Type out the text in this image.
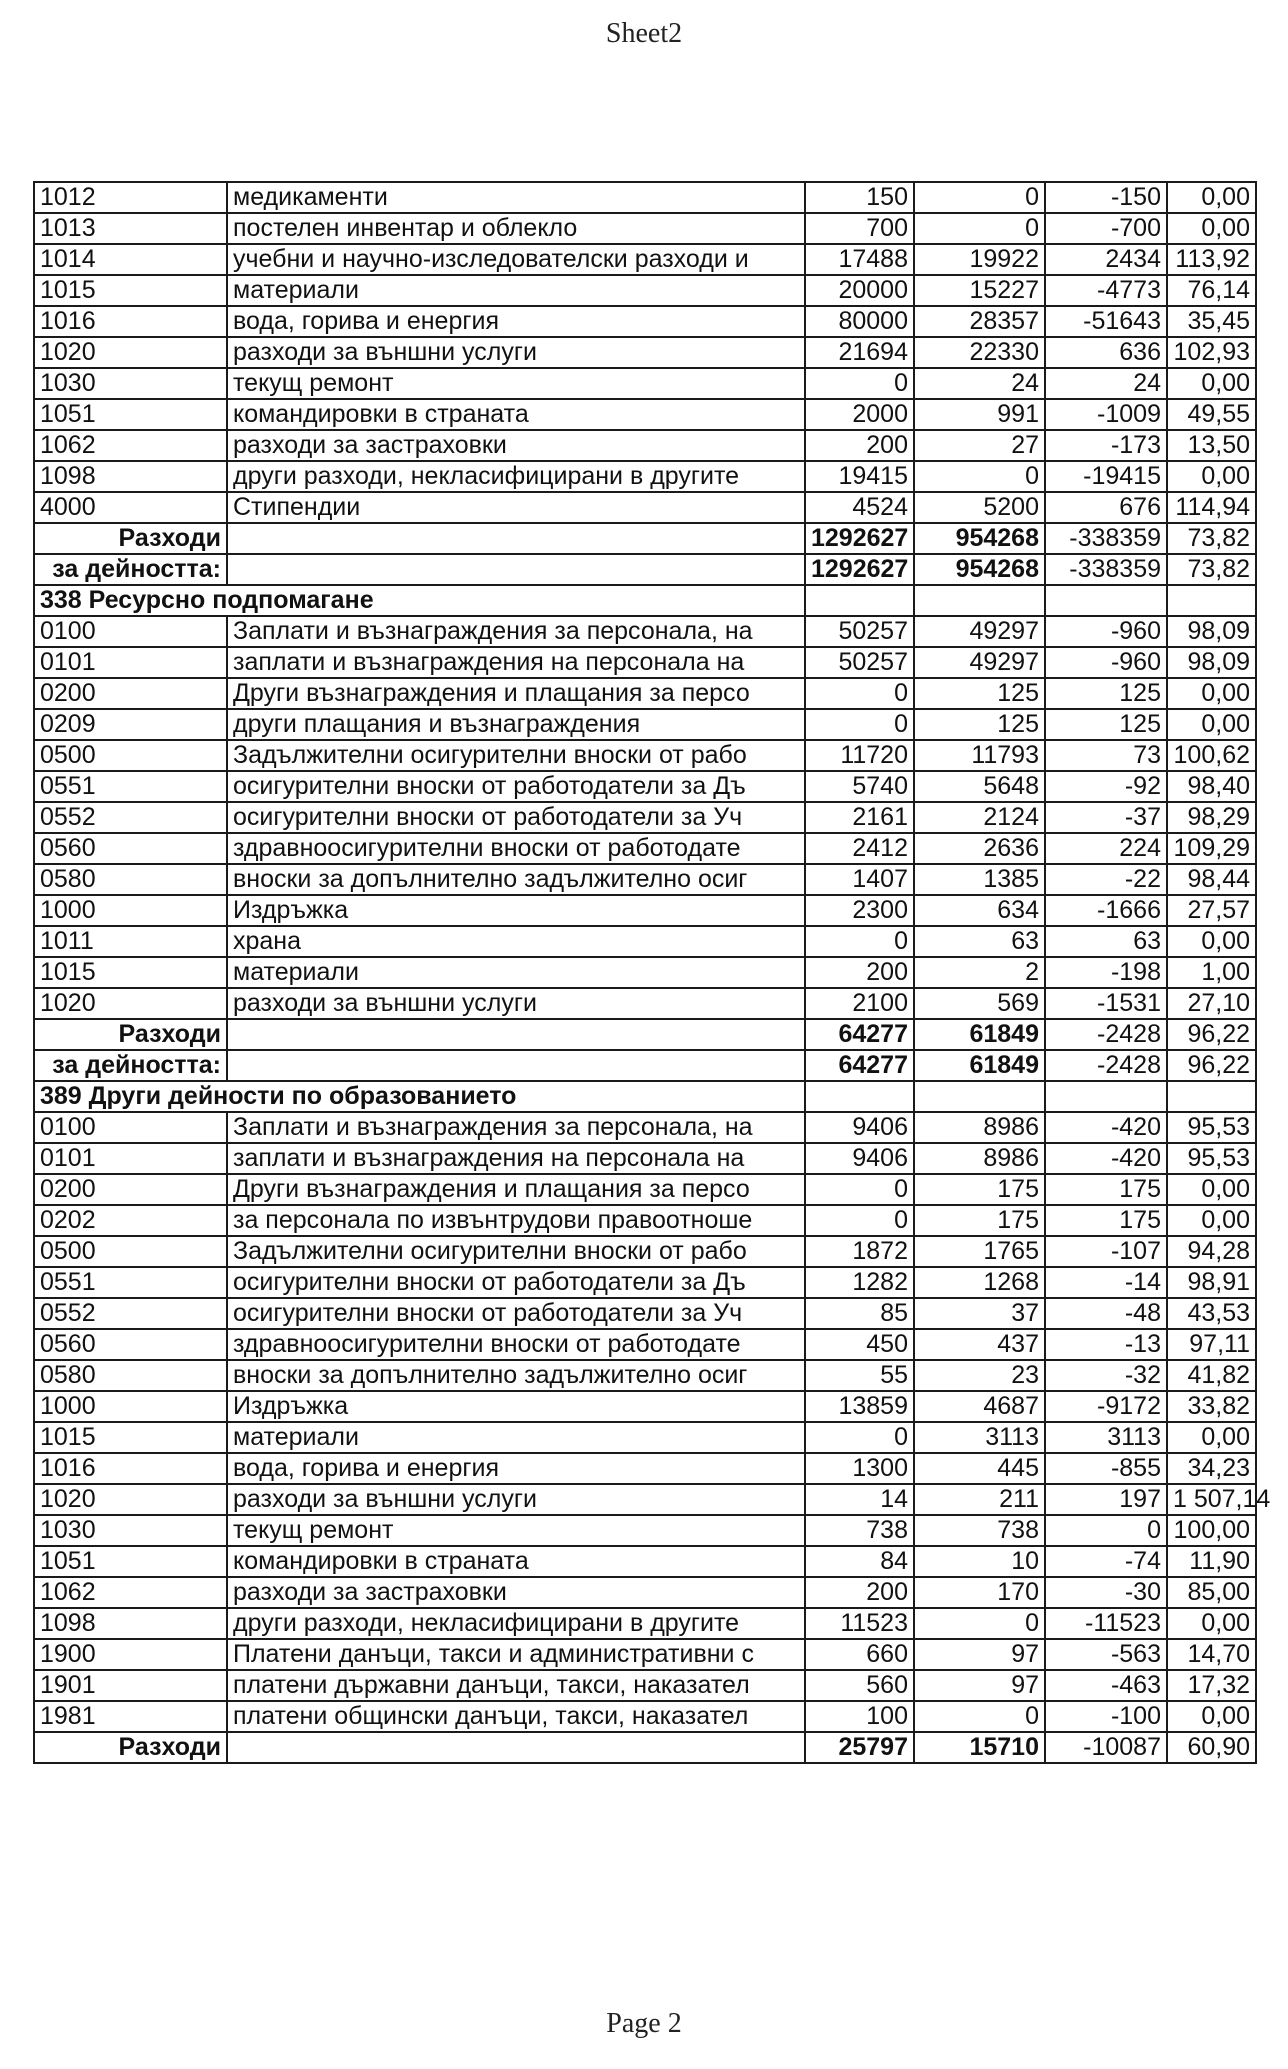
Sheet2
1012	медикаменти	150	0	-150	0,00
1013	постелен инвентар и облекло	700	0	-700	0,00
1014	учебни и научно-изследователски разходи и	17488	19922	2434	113,92
1015	материали	20000	15227	-4773	76,14
1016	вода, горива и енергия	80000	28357	-51643	35,45
1020	разходи за външни услуги	21694	22330	636	102,93
1030	текущ ремонт	0	24	24	0,00
1051	командировки в страната	2000	991	-1009	49,55
1062	разходи за застраховки	200	27	-173	13,50
1098	други разходи, некласифицирани в другите	19415	0	-19415	0,00
4000	Стипендии	4524	5200	676	114,94
Разходи		1292627	954268	-338359	73,82
за дейността:		1292627	954268	-338359	73,82
338 Ресурсно подпомагане					
0100	Заплати и възнаграждения за персонала, на	50257	49297	-960	98,09
0101	заплати и възнаграждения на персонала на	50257	49297	-960	98,09
0200	Други възнаграждения и плащания за персо	0	125	125	0,00
0209	други плащания и възнаграждения	0	125	125	0,00
0500	Задължителни осигурителни вноски от рабо	11720	11793	73	100,62
0551	осигурителни вноски от работодатели за Дъ	5740	5648	-92	98,40
0552	осигурителни вноски от работодатели за Уч	2161	2124	-37	98,29
0560	здравноосигурителни вноски от работодате	2412	2636	224	109,29
0580	вноски за допълнително задължително осиг	1407	1385	-22	98,44
1000	Издръжка	2300	634	-1666	27,57
1011	храна	0	63	63	0,00
1015	материали	200	2	-198	1,00
1020	разходи за външни услуги	2100	569	-1531	27,10
Разходи		64277	61849	-2428	96,22
за дейността:		64277	61849	-2428	96,22
389 Други дейности по образованието					
0100	Заплати и възнаграждения за персонала, на	9406	8986	-420	95,53
0101	заплати и възнаграждения на персонала на	9406	8986	-420	95,53
0200	Други възнаграждения и плащания за персо	0	175	175	0,00
0202	за персонала по извънтрудови правоотноше	0	175	175	0,00
0500	Задължителни осигурителни вноски от рабо	1872	1765	-107	94,28
0551	осигурителни вноски от работодатели за Дъ	1282	1268	-14	98,91
0552	осигурителни вноски от работодатели за Уч	85	37	-48	43,53
0560	здравноосигурителни вноски от работодате	450	437	-13	97,11
0580	вноски за допълнително задължително осиг	55	23	-32	41,82
1000	Издръжка	13859	4687	-9172	33,82
1015	материали	0	3113	3113	0,00
1016	вода, горива и енергия	1300	445	-855	34,23
1020	разходи за външни услуги	14	211	197	1 507,14
1030	текущ ремонт	738	738	0	100,00
1051	командировки в страната	84	10	-74	11,90
1062	разходи за застраховки	200	170	-30	85,00
1098	други разходи, некласифицирани в другите	11523	0	-11523	0,00
1900	Платени данъци, такси и административни с	660	97	-563	14,70
1901	платени държавни данъци, такси, наказател	560	97	-463	17,32
1981	платени общински данъци, такси, наказател	100	0	-100	0,00
Разходи		25797	15710	-10087	60,90
Page 2
